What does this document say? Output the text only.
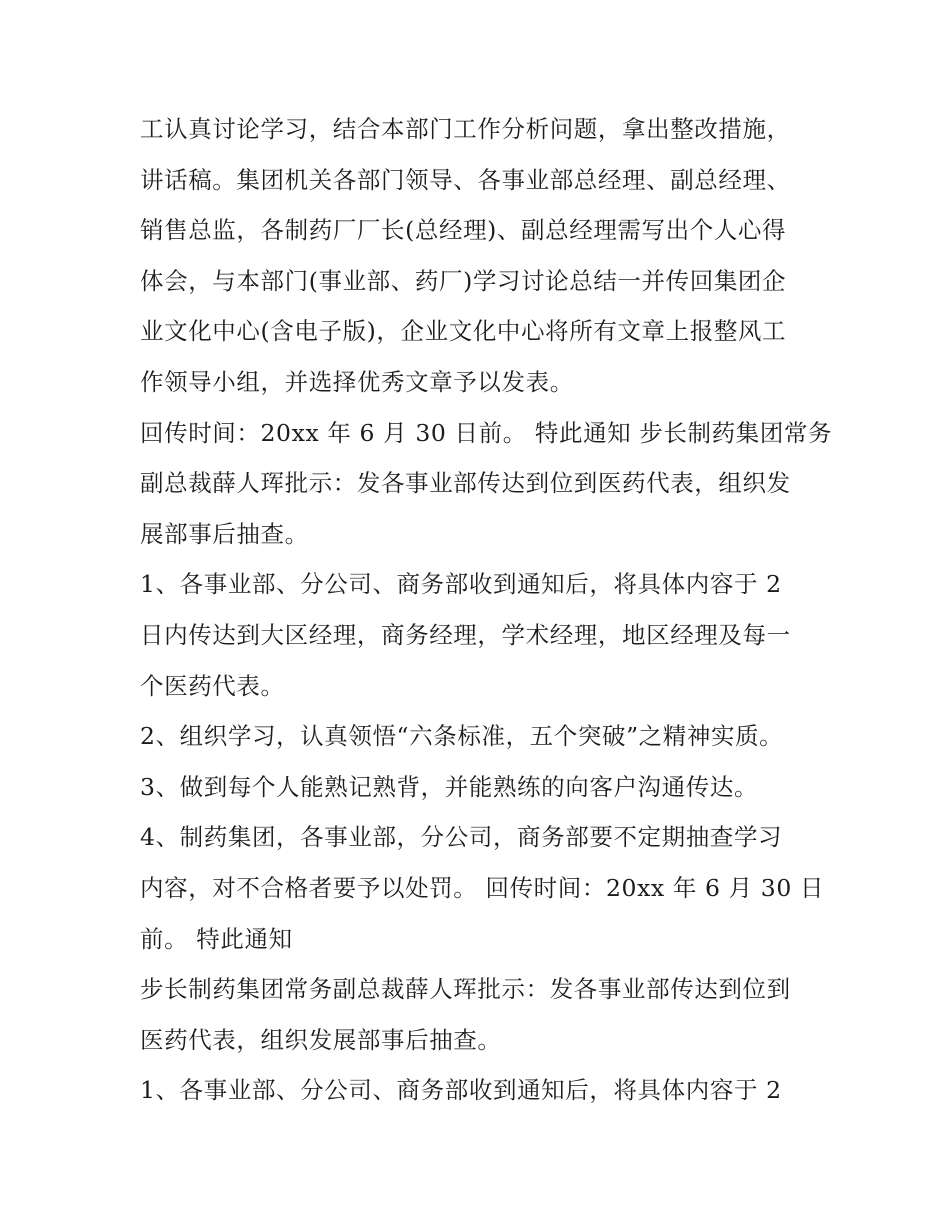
工认真讨论学习，结合本部门工作分析问题，拿出整改措施，
讲话稿。集团机关各部门领导、各事业部总经理、副总经理、
销售总监，各制药厂厂长(总经理)、副总经理需写出个人心得
体会，与本部门(事业部、药厂)学习讨论总结一并传回集团企
业文化中心(含电子版)，企业文化中心将所有文章上报整风工
作领导小组，并选择优秀文章予以发表。
回传时间：20xx 年 6 月 30 日前。 特此通知 步长制药集团常务
副总裁薛人珲批示：发各事业部传达到位到医药代表，组织发
展部事后抽查。
1、各事业部、分公司、商务部收到通知后，将具体内容于 2
日内传达到大区经理，商务经理，学术经理，地区经理及每一
个医药代表。
2、组织学习，认真领悟“六条标准，五个突破”之精神实质。
3、做到每个人能熟记熟背，并能熟练的向客户沟通传达。
4、制药集团，各事业部，分公司，商务部要不定期抽查学习
内容，对不合格者要予以处罚。 回传时间：20xx 年 6 月 30 日
前。 特此通知
步长制药集团常务副总裁薛人珲批示：发各事业部传达到位到
医药代表，组织发展部事后抽查。
1、各事业部、分公司、商务部收到通知后，将具体内容于 2
